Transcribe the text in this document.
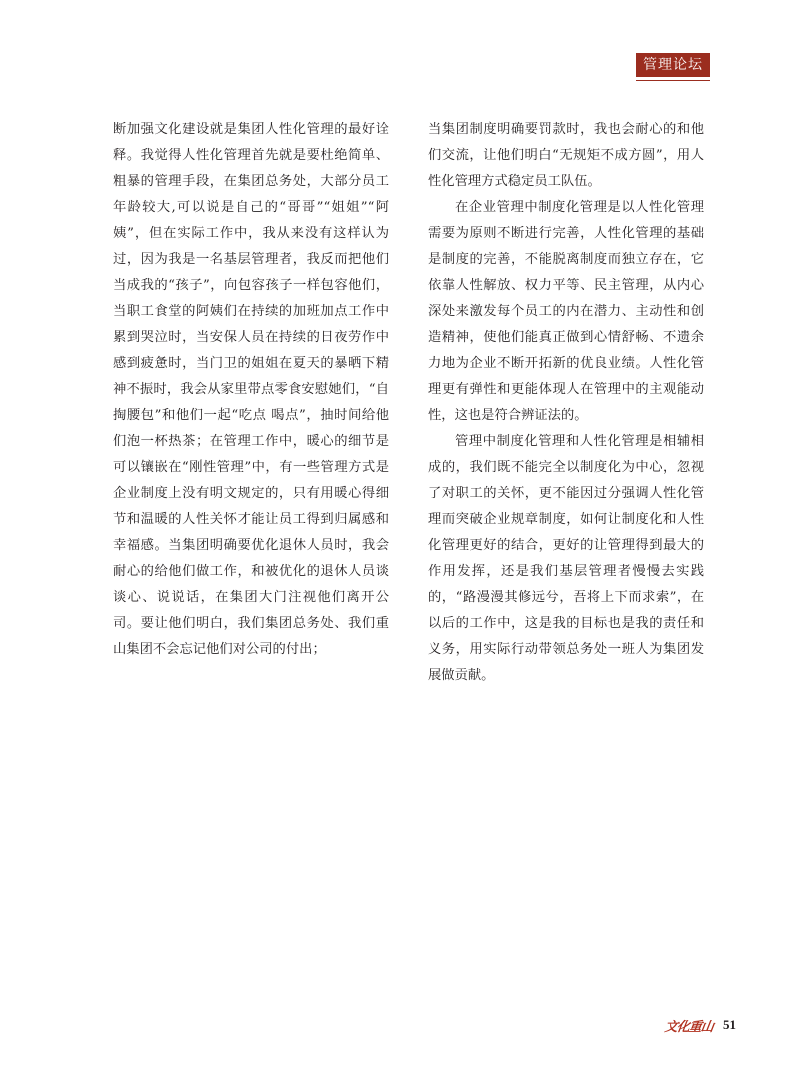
管理论坛

断加强文化建设就是集团人性化管理的最好诠释。我觉得人性化管理首先就是要杜绝简单、粗暴的管理手段，在集团总务处，大部分员工年龄较大,可以说是自己的“哥哥”“姐姐”“阿姨”，但在实际工作中，我从来没有这样认为过，因为我是一名基层管理者，我反而把他们当成我的“孩子”，向包容孩子一样包容他们，当职工食堂的阿姨们在持续的加班加点工作中累到哭泣时，当安保人员在持续的日夜劳作中感到疲惫时，当门卫的姐姐在夏天的暴晒下精神不振时，我会从家里带点零食安慰她们，“自掏腰包”和他们一起“吃点 喝点”，抽时间给他们泡一杯热茶；在管理工作中，暖心的细节是可以镶嵌在“刚性管理”中，有一些管理方式是企业制度上没有明文规定的，只有用暖心得细节和温暖的人性关怀才能让员工得到归属感和幸福感。当集团明确要优化退休人员时，我会耐心的给他们做工作，和被优化的退休人员谈谈心、说说话，在集团大门注视他们离开公司。要让他们明白，我们集团总务处、我们重山集团不会忘记他们对公司的付出；

当集团制度明确要罚款时，我也会耐心的和他们交流，让他们明白“无规矩不成方圆”，用人性化管理方式稳定员工队伍。

在企业管理中制度化管理是以人性化管理需要为原则不断进行完善，人性化管理的基础是制度的完善，不能脱离制度而独立存在，它依靠人性解放、权力平等、民主管理，从内心深处来激发每个员工的内在潜力、主动性和创造精神，使他们能真正做到心情舒畅、不遗余力地为企业不断开拓新的优良业绩。人性化管理更有弹性和更能体现人在管理中的主观能动性，这也是符合辨证法的。

管理中制度化管理和人性化管理是相辅相成的，我们既不能完全以制度化为中心，忽视了对职工的关怀，更不能因过分强调人性化管理而突破企业规章制度，如何让制度化和人性化管理更好的结合，更好的让管理得到最大的作用发挥，还是我们基层管理者慢慢去实践的，“路漫漫其修远兮，吾将上下而求索”，在以后的工作中，这是我的目标也是我的责任和义务，用实际行动带领总务处一班人为集团发展做贡献。

文化重山 51
